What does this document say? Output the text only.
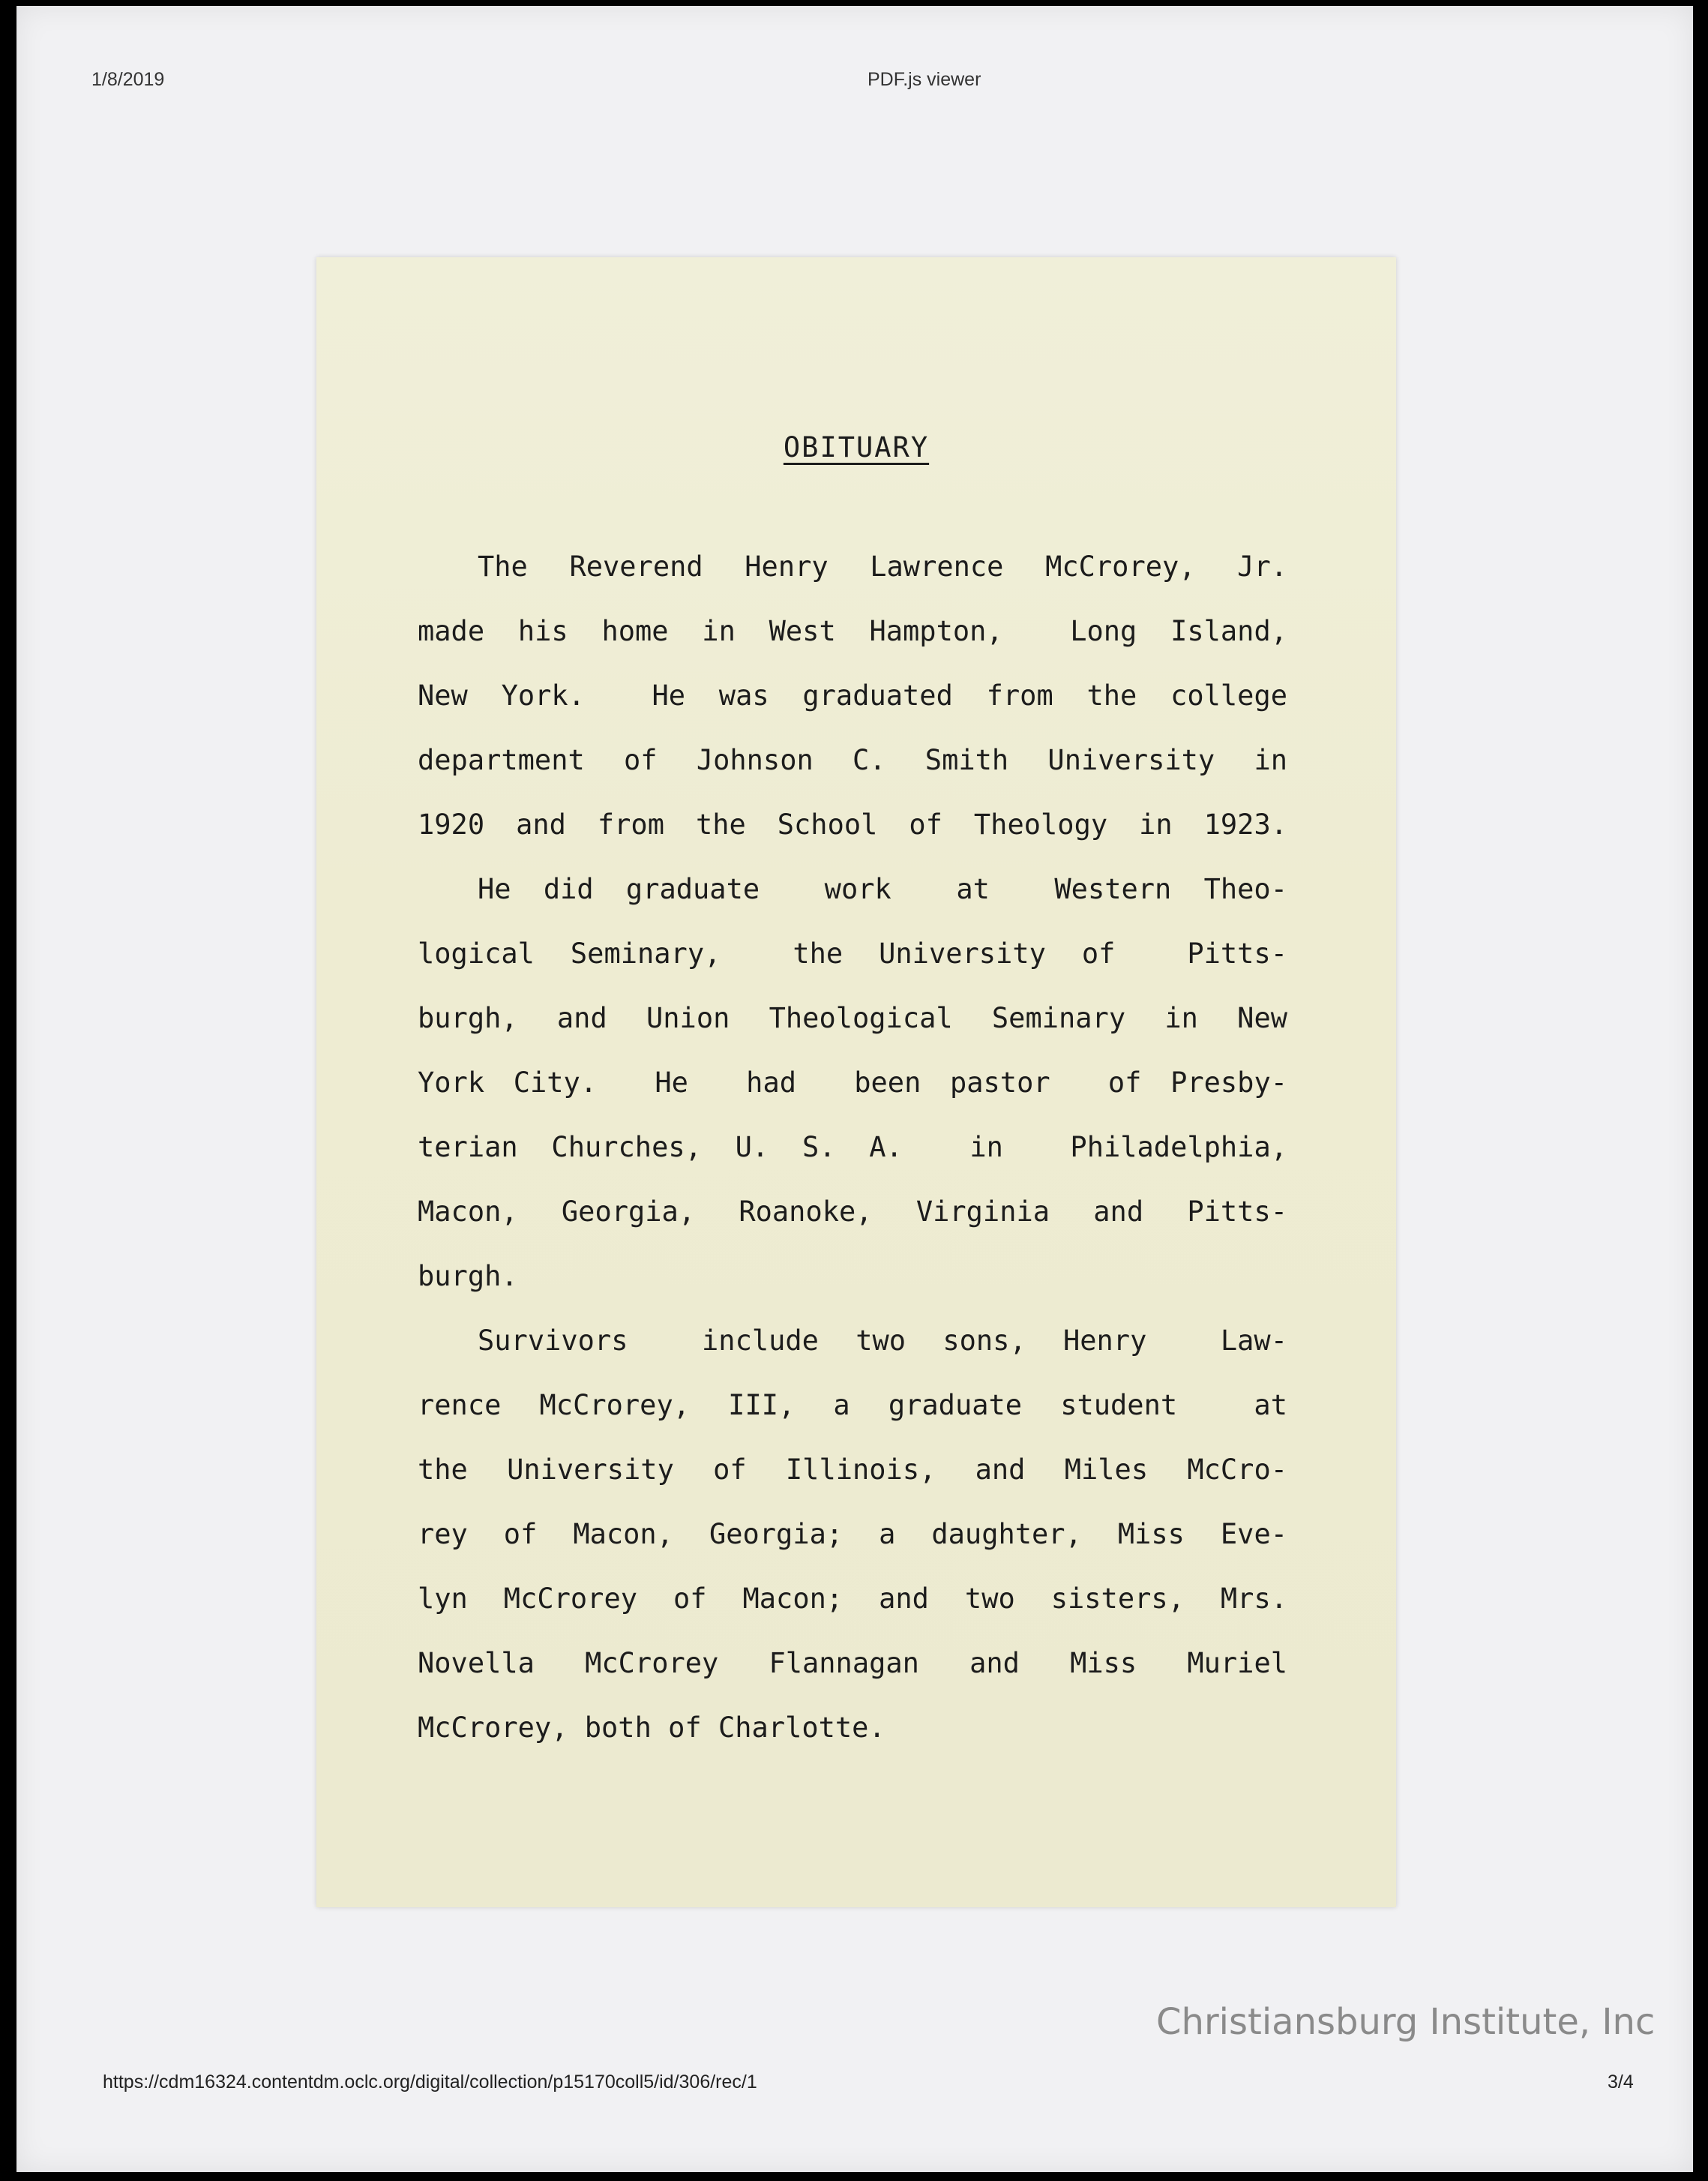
1/8/2019	PDF.js viewer
OBITUARY
The Reverend Henry Lawrence McCrorey, Jr.
made his home in West Hampton,  Long Island,
New York.  He was graduated from the college
department of Johnson C. Smith University in
1920 and from the School of Theology in 1923.
He did graduate  work  at  Western Theo-
logical Seminary,  the University of  Pitts-
burgh, and Union Theological Seminary in New
York City.  He  had  been pastor  of Presby-
terian Churches, U. S. A.  in  Philadelphia,
Macon, Georgia, Roanoke, Virginia and Pitts-
burgh.
Survivors  include two sons, Henry  Law-
rence McCrorey, III, a graduate student  at
the University of Illinois, and Miles McCro-
rey of Macon, Georgia; a daughter, Miss Eve-
lyn McCrorey of Macon; and two sisters, Mrs.
Novella McCrorey Flannagan and Miss Muriel
McCrorey, both of Charlotte.
Christiansburg Institute, Inc
https://cdm16324.contentdm.oclc.org/digital/collection/p15170coll5/id/306/rec/1	3/4
